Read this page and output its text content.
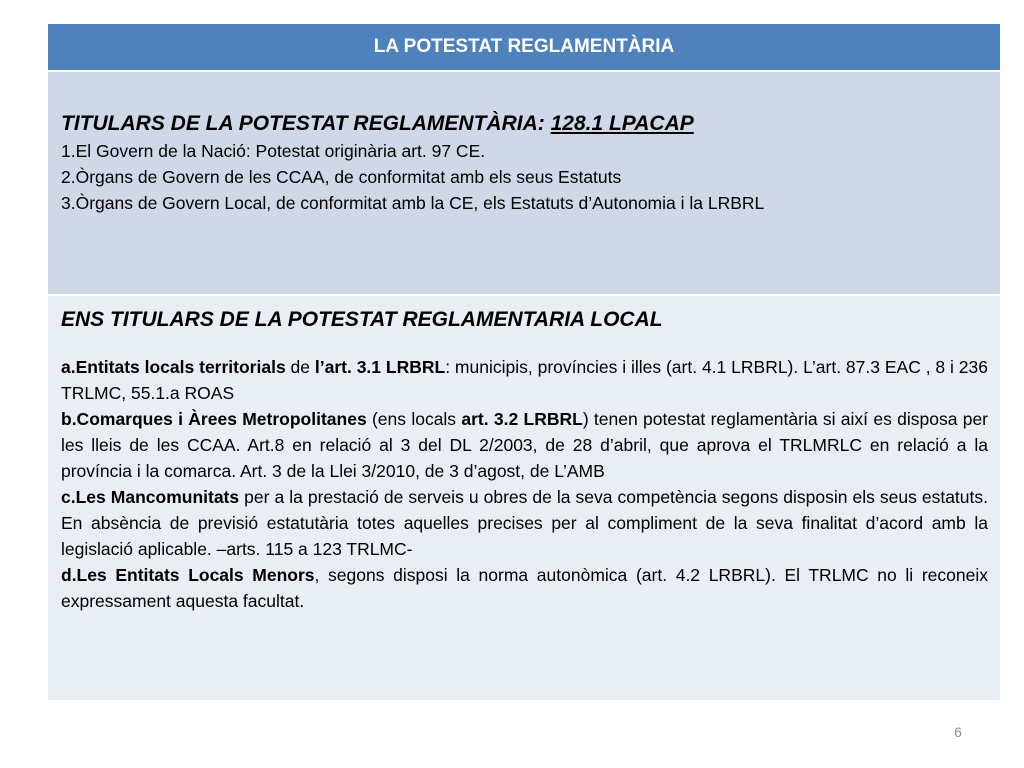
LA POTESTAT REGLAMENTÀRIA
TITULARS DE LA POTESTAT REGLAMENTÀRIA: 128.1 LPACAP
1.El Govern de la Nació: Potestat originària art. 97 CE.
2.Òrgans de Govern de les CCAA, de conformitat amb els seus Estatuts
3.Òrgans de Govern Local, de conformitat amb la CE, els Estatuts d’Autonomia i la LRBRL
ENS TITULARS DE LA POTESTAT REGLAMENTARIA LOCAL
a.Entitats locals territorials de l’art. 3.1 LRBRL: municipis, províncies i illes (art. 4.1 LRBRL). L’art. 87.3 EAC , 8 i 236 TRLMC, 55.1.a ROAS
b.Comarques i Àrees Metropolitanes (ens locals art. 3.2 LRBRL) tenen potestat reglamentària si així es disposa per les lleis de les CCAA. Art.8 en relació al 3 del DL 2/2003, de 28 d’abril, que aprova el TRLMRLC en relació a la província i la comarca. Art. 3 de la Llei 3/2010, de 3 d’agost, de L’AMB
c.Les Mancomunitats per a la prestació de serveis u obres de la seva competència segons disposin els seus estatuts. En absència de previsió estatutària totes aquelles precises per al compliment de la seva finalitat d’acord amb la legislació aplicable. –arts. 115 a 123 TRLMC-
d.Les Entitats Locals Menors, segons disposi la norma autonòmica (art. 4.2 LRBRL). El TRLMC no li reconeix expressament aquesta facultat.
6
